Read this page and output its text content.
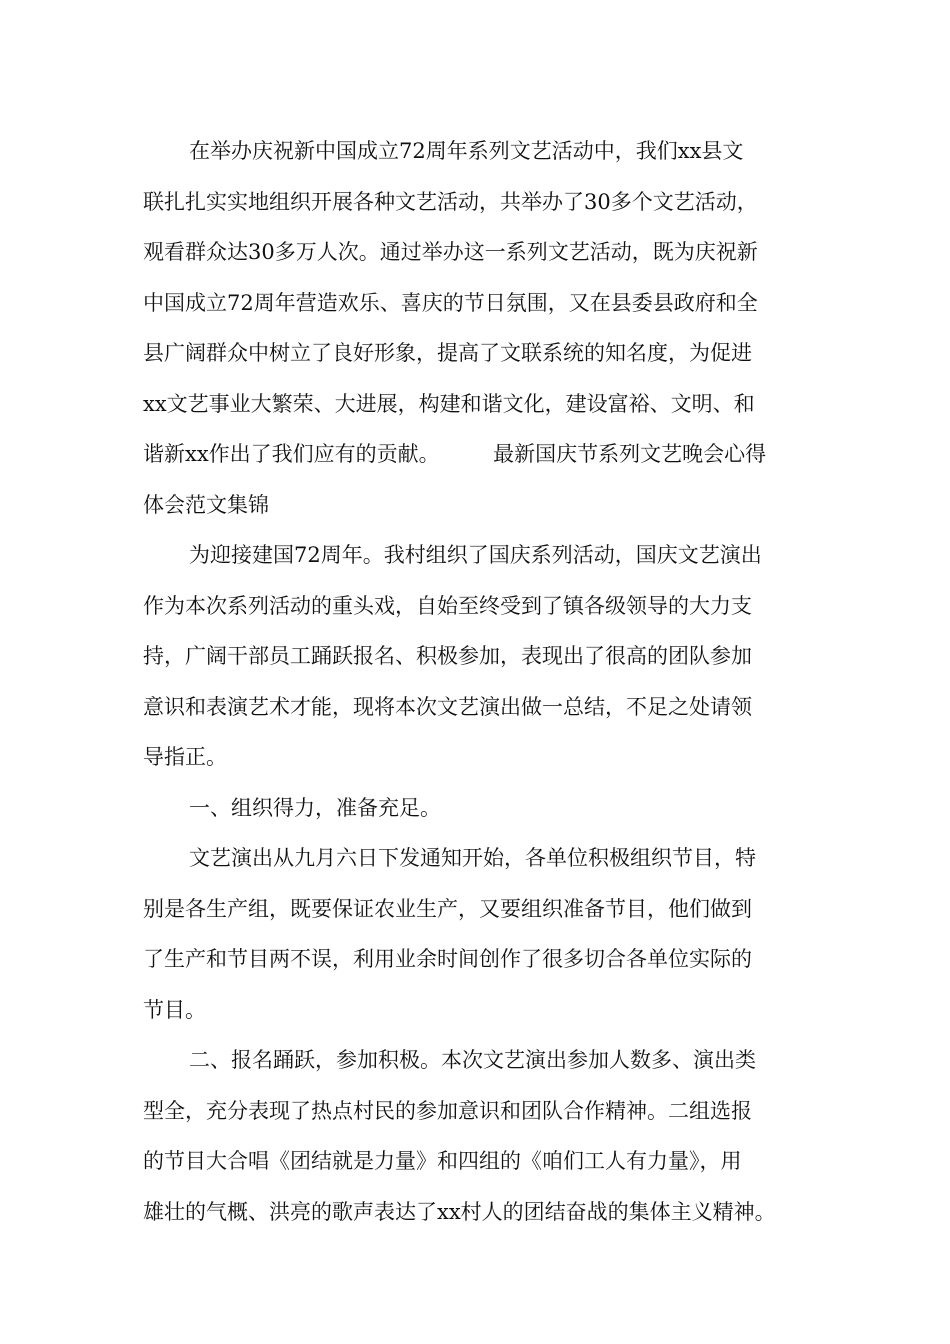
在举办庆祝新中国成立72周年系列文艺活动中，我们xx县文
联扎扎实实地组织开展各种文艺活动，共举办了30多个文艺活动，
观看群众达30多万人次。通过举办这一系列文艺活动，既为庆祝新
中国成立72周年营造欢乐、喜庆的节日氛围，又在县委县政府和全
县广阔群众中树立了良好形象，提高了文联系统的知名度，为促进
xx文艺事业大繁荣、大进展，构建和谐文化，建设富裕、文明、和
谐新xx作出了我们应有的贡献。        最新国庆节系列文艺晚会心得
体会范文集锦
为迎接建国72周年。我村组织了国庆系列活动，国庆文艺演出
作为本次系列活动的重头戏，自始至终受到了镇各级领导的大力支
持，广阔干部员工踊跃报名、积极参加，表现出了很高的团队参加
意识和表演艺术才能，现将本次文艺演出做一总结，不足之处请领
导指正。
一、组织得力，准备充足。
文艺演出从九月六日下发通知开始，各单位积极组织节目，特
别是各生产组，既要保证农业生产，又要组织准备节目，他们做到
了生产和节目两不误，利用业余时间创作了很多切合各单位实际的
节目。
二、报名踊跃，参加积极。本次文艺演出参加人数多、演出类
型全，充分表现了热点村民的参加意识和团队合作精神。二组选报
的节目大合唱《团结就是力量》和四组的《咱们工人有力量》，用
雄壮的气概、洪亮的歌声表达了xx村人的团结奋战的集体主义精神。
